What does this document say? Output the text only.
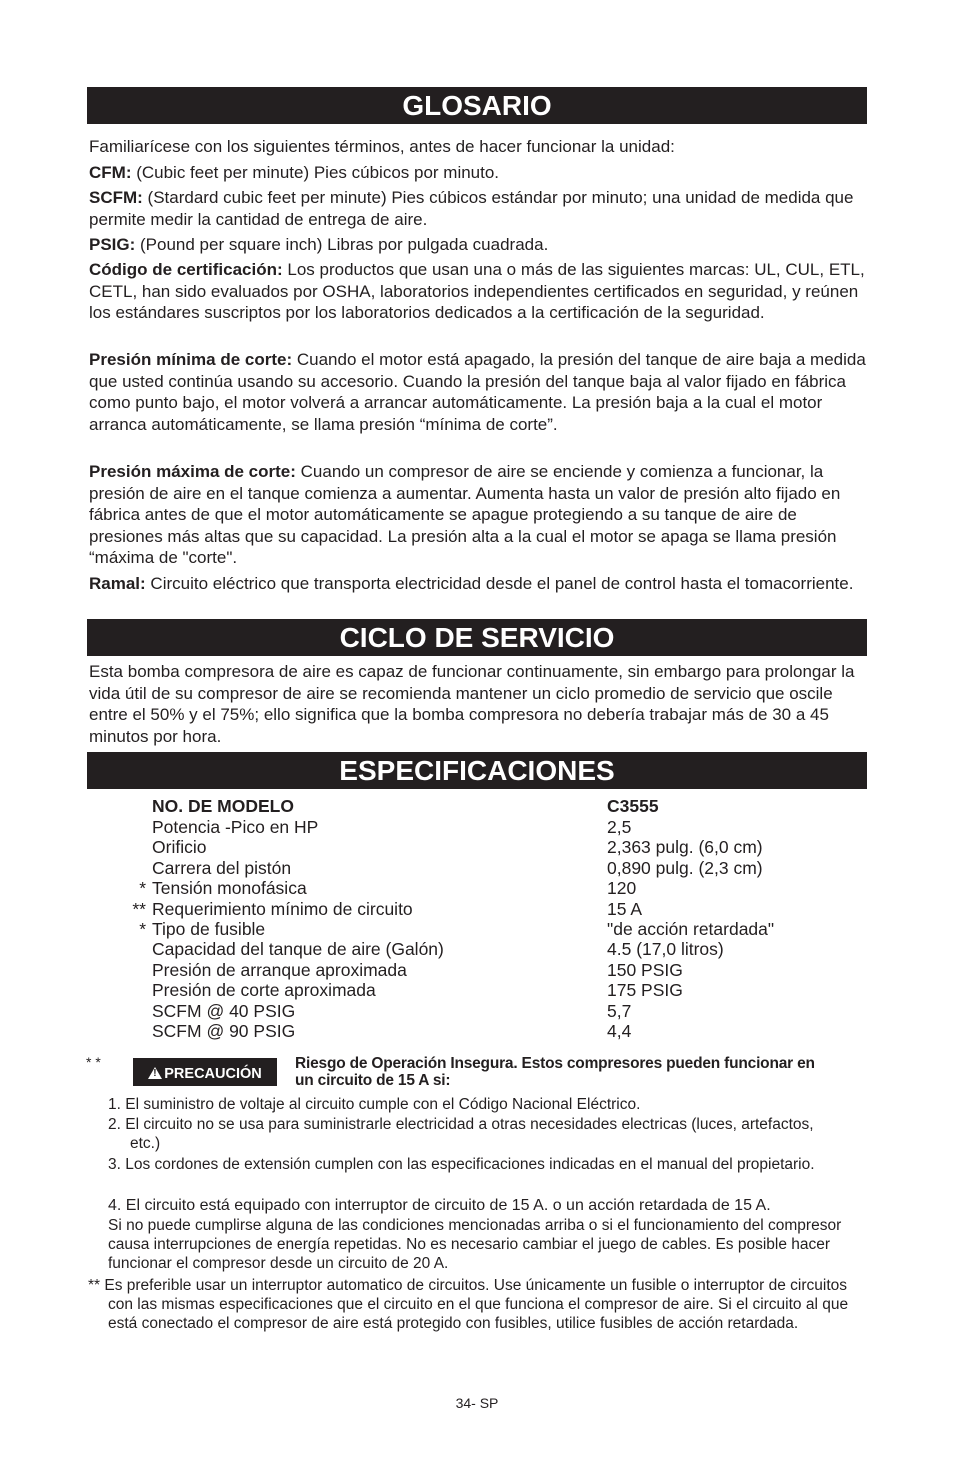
GLOSARIO

Familiarícese con los siguientes términos, antes de hacer funcionar la unidad:

CFM: (Cubic feet per minute) Pies cúbicos por minuto.

SCFM: (Stardard cubic feet per minute) Pies cúbicos estándar por minuto; una unidad de medida que permite medir la cantidad de entrega de aire.

PSIG: (Pound per square inch) Libras por pulgada cuadrada.

Código de certificación: Los productos que usan una o más de las siguientes marcas: UL, CUL, ETL, CETL, han sido evaluados por OSHA, laboratorios independientes certificados en seguridad, y reúnen los estándares suscriptos por los laboratorios dedicados a la certificación de la seguridad.

Presión mínima de corte: Cuando el motor está apagado, la presión del tanque de aire baja a medida que usted continúa usando su accesorio. Cuando la presión del tanque baja al valor fijado en fábrica como punto bajo, el motor volverá a arrancar automáticamente. La presión baja a la cual el motor arranca automáticamente, se llama presión “mínima de corte”.

Presión máxima de corte: Cuando un compresor de aire se enciende y comienza a funcionar, la presión de aire en el tanque comienza a aumentar. Aumenta hasta un valor de presión alto fijado en fábrica antes de que el motor automáticamente se apague protegiendo a su tanque de aire de presiones más altas que su capacidad. La presión alta a la cual el motor se apaga se llama presión “máxima de "corte".

Ramal: Circuito eléctrico que transporta electricidad desde el panel de control hasta el tomacorriente.

CICLO DE SERVICIO

Esta bomba compresora de aire es capaz de funcionar continuamente, sin embargo para prolongar la vida útil de su compresor de aire se recomienda mantener un ciclo promedio de servicio que oscile entre el 50% y el 75%; ello significa que la bomba compresora no debería trabajar más de 30 a 45 minutos por hora.

ESPECIFICACIONES
NO. DE MODELO	C3555
Potencia -Pico en HP	2,5
Orificio	2,363 pulg. (6,0 cm)
Carrera del pistón	0,890 pulg. (2,3 cm)
* Tensión monofásica	120
** Requerimiento mínimo de circuito	15 A
* Tipo de fusible	"de acción retardada"
Capacidad del tanque de aire (Galón)	4.5 (17,0 litros)
Presión de arranque aproximada	150 PSIG
Presión de corte aproximada	175 PSIG
SCFM @ 40 PSIG	5,7
SCFM @ 90 PSIG	4,4
* *
!PRECAUCIÓN
Riesgo de Operación Insegura. Estos compresores pueden funcionar en un circuito de 15 A si:

1. El suministro de voltaje al circuito cumple con el Código Nacional Eléctrico.

2. El circuito no se usa para suministrarle electricidad a otras necesidades electricas (luces, artefactos, etc.)

3. Los cordones de extensión cumplen con las especificaciones indicadas en el manual del propietario.

4. El circuito está equipado con interruptor de circuito de 15 A. o un acción retardada de 15 A.

Si no puede cumplirse alguna de las condiciones mencionadas arriba o si el funcionamiento del compresor causa interrupciones de energía repetidas. No es necesario cambiar el juego de cables. Es posible hacer funcionar el compresor desde un circuito de 20 A.

** Es preferible usar un interruptor automatico de circuitos. Use únicamente un fusible o interruptor de circuitos con las mismas especificaciones que el circuito en el que funciona el compresor de aire. Si el circuito al que está conectado el compresor de aire está protegido con fusibles, utilice fusibles de acción retardada.

34- SP
